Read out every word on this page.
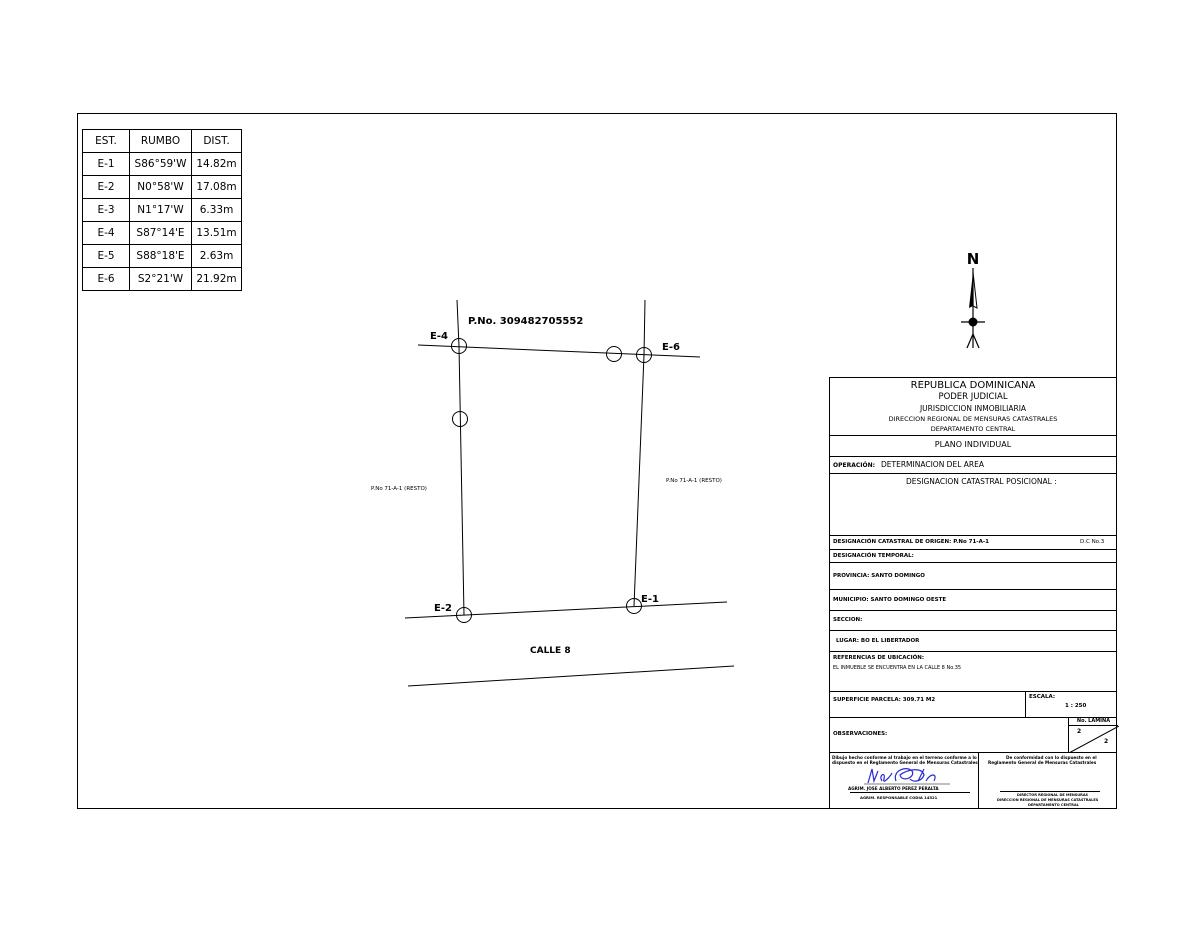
EST.	RUMBO	DIST.
E-1	S86°59'W	14.82m
E-2	N0°58'W	17.08m
E-3	N1°17'W	6.33m
E-4	S87°14'E	13.51m
E-5	S88°18'E	2.63m
E-6	S2°21'W	21.92m
P.No. 309482705552
E-4
E-6
E-2
E-1
P.No 71-A-1 (RESTO)
P.No 71-A-1 (RESTO)
CALLE 8
N
REPUBLICA DOMINICANA
PODER JUDICIAL
JURISDICCION INMOBILIARIA
DIRECCION REGIONAL DE MENSURAS CATASTRALES
DEPARTAMENTO CENTRAL
PLANO INDIVIDUAL
OPERACIÓN: DETERMINACION DEL AREA
DESIGNACION CATASTRAL POSICIONAL :
DESIGNACIÓN CATASTRAL DE ORIGEN: P.No 71-A-1	D.C No.3
DESIGNACIÓN TEMPORAL:
PROVINCIA: SANTO DOMINGO
MUNICIPIO: SANTO DOMINGO OESTE
SECCION:
LUGAR: BO EL LIBERTADOR
REFERENCIAS DE UBICACIÓN:
EL INMUEBLE SE ENCUENTRA EN LA CALLE 8 No.35
SUPERFICIE PARCELA: 309.71 M2	ESCALA:
1 : 250
OBSERVACIONES:
No. LAMINA
2
2
Dibujo hecho conforme al trabajo en el terreno conforme a lo
dispuesto en el Reglamento General de Mensuras Catastrales
AGRIM. JOSE ALBERTO PEREZ PERALTA
AGRIM. RESPONSABLE CODIA 14521
De conformidad con lo dispuesto en el
Reglamento General de Mensuras Catastrales
DIRECTOR REGIONAL DE MENSURAS
DIRECCION REGIONAL DE MENSURAS CATASTRALES
DEPARTAMENTO CENTRAL
